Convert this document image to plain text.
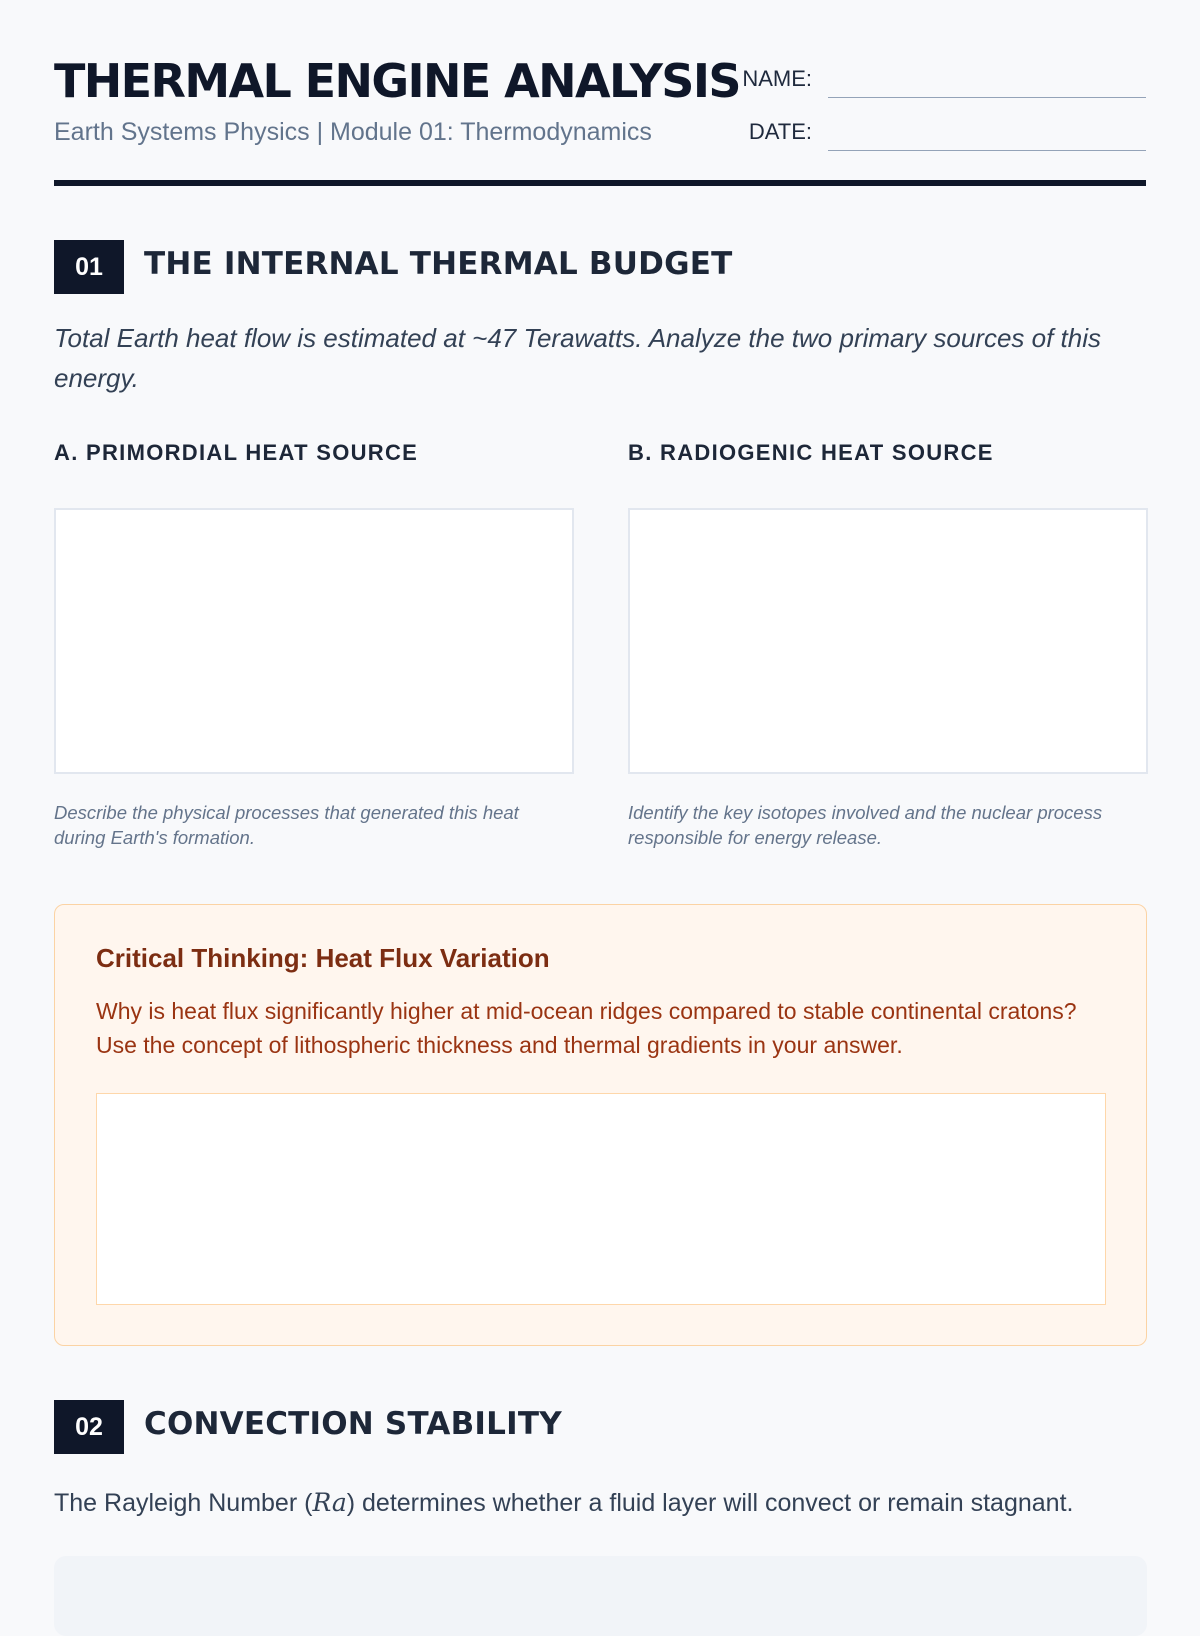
THERMAL ENGINE ANALYSIS
Earth Systems Physics | Module 01: Thermodynamics
NAME:
DATE:
01	THE INTERNAL THERMAL BUDGET

Total Earth heat flow is estimated at ~47 Terawatts. Analyze the two primary sources of this energy.

A. PRIMORDIAL HEAT SOURCE

Describe the physical processes that generated this heat during Earth's formation.

B. RADIOGENIC HEAT SOURCE

Identify the key isotopes involved and the nuclear process responsible for energy release.

Critical Thinking: Heat Flux Variation

Why is heat flux significantly higher at mid-ocean ridges compared to stable continental cratons? Use the concept of lithospheric thickness and thermal gradients in your answer.

02	CONVECTION STABILITY

The Rayleigh Number (Ra) determines whether a fluid layer will convect or remain stagnant.
